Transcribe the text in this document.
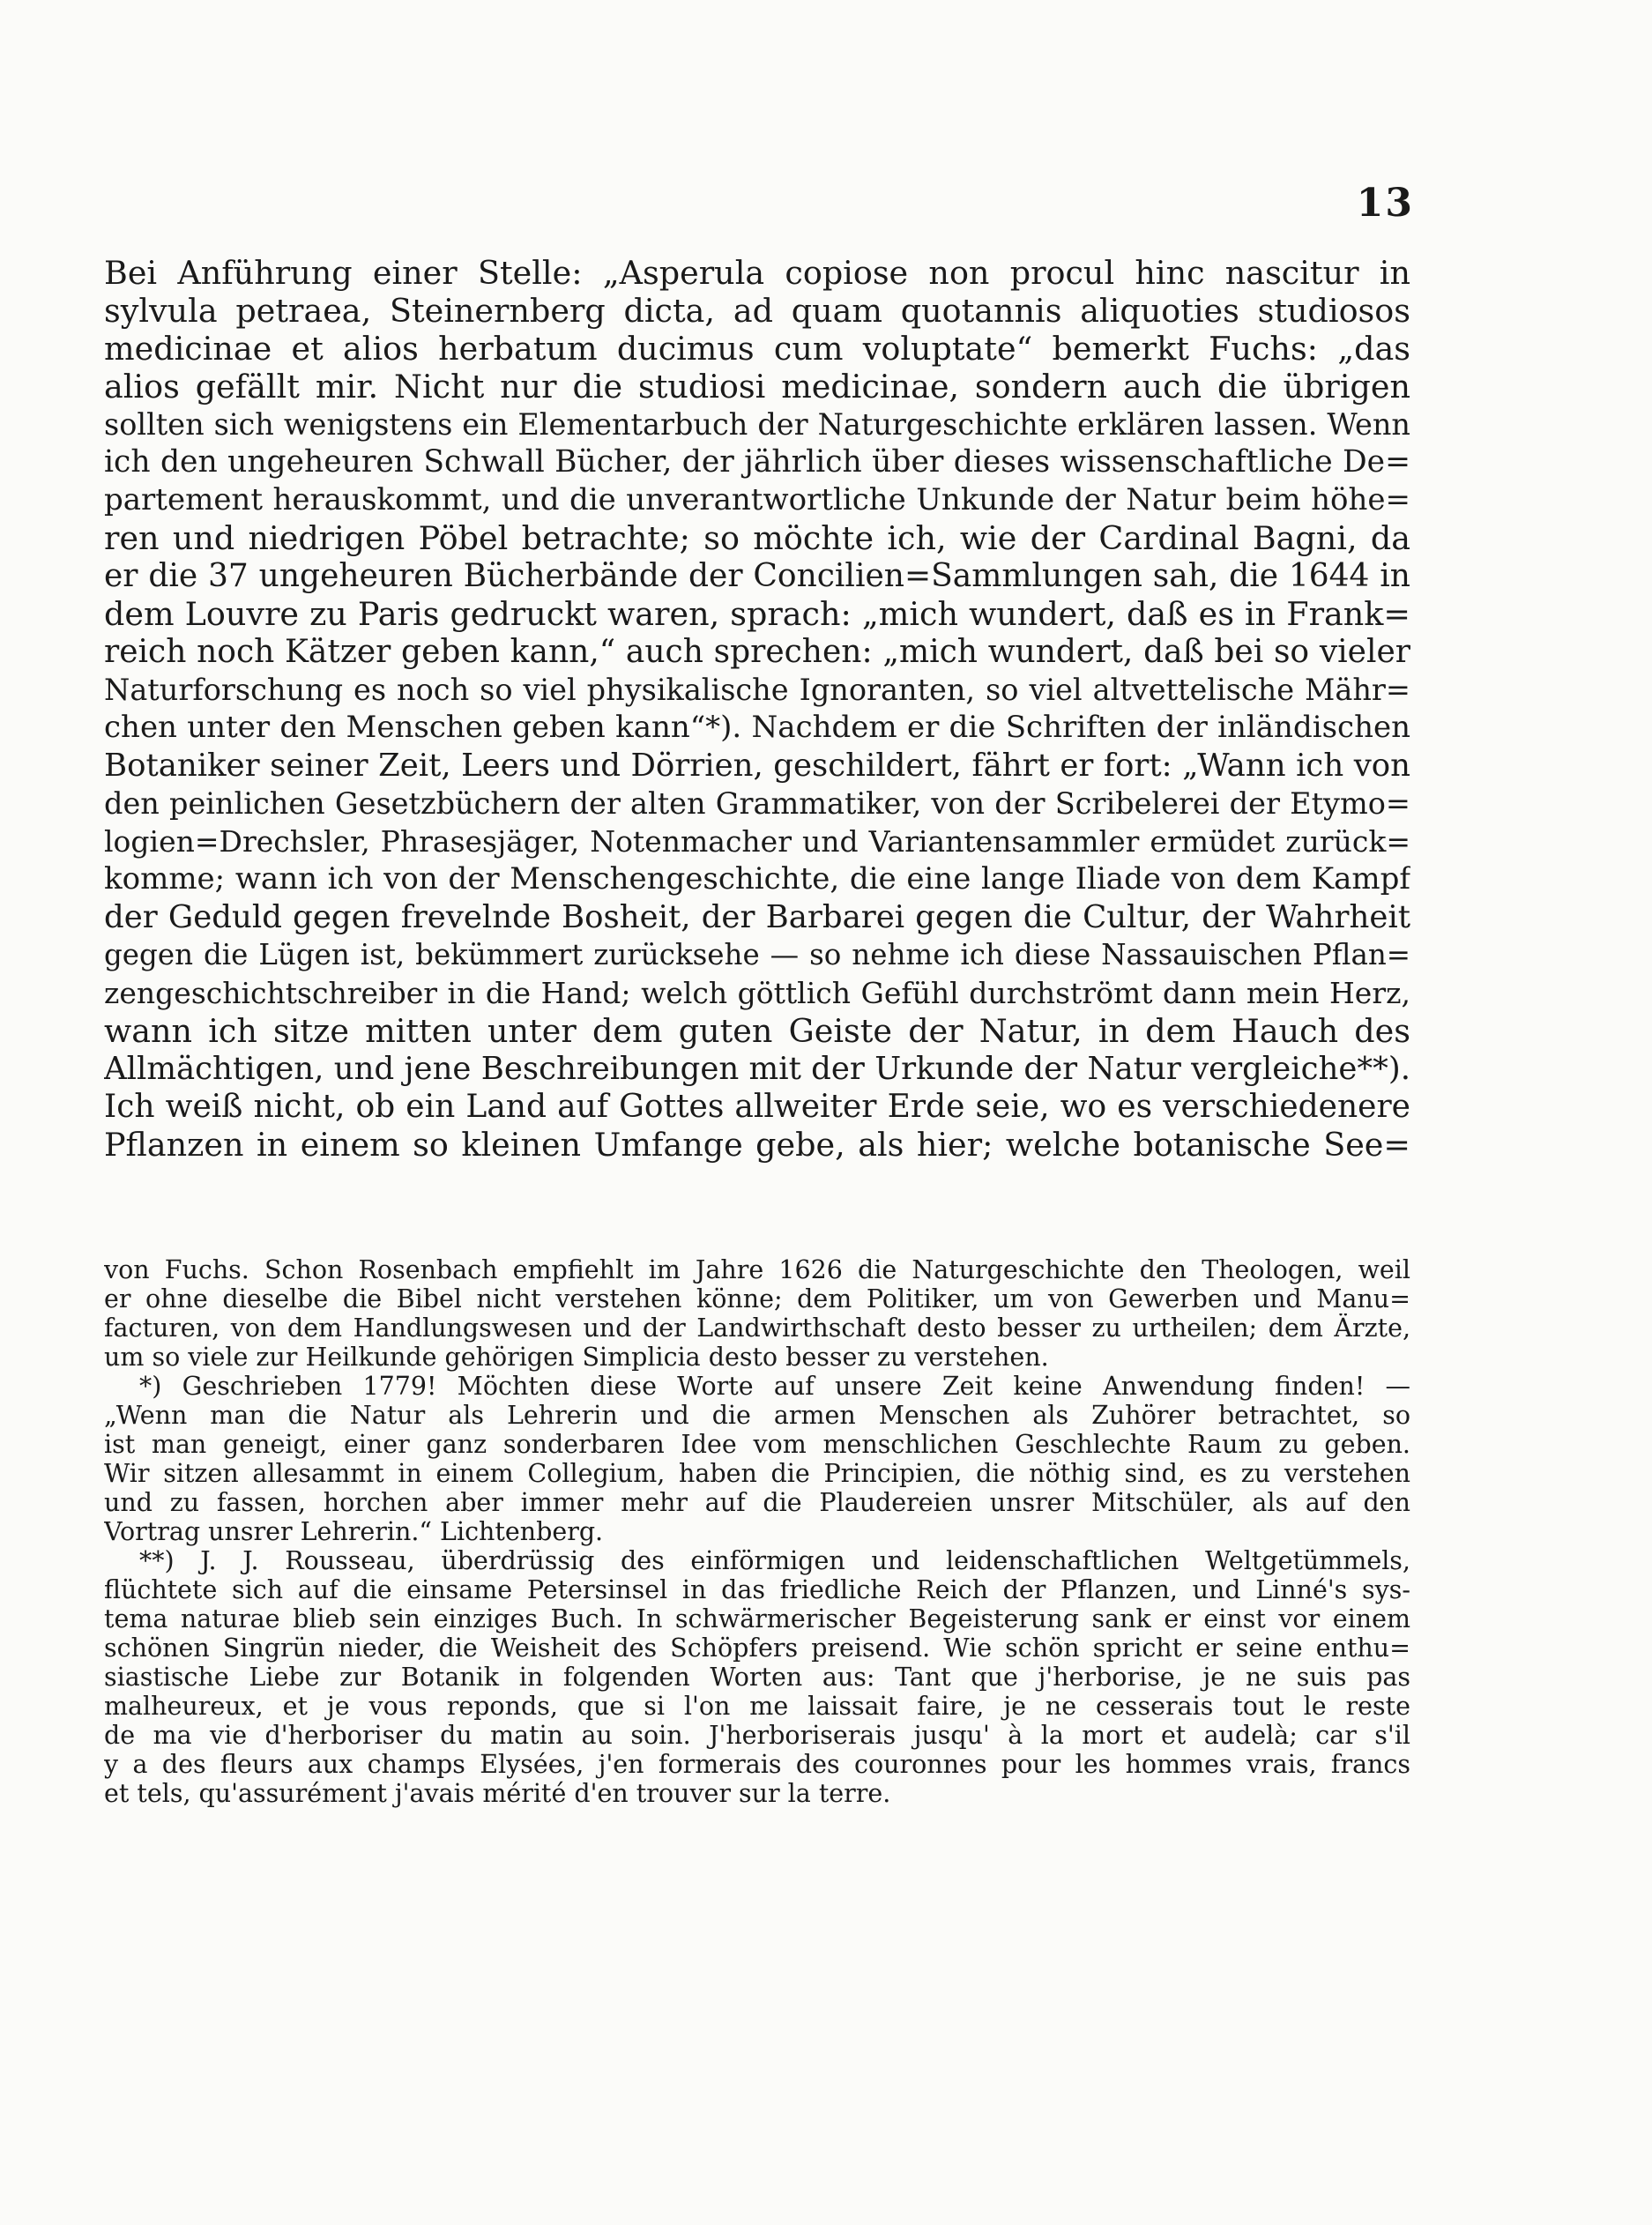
13
Bei Anführung einer Stelle: „Asperula copiose non procul hinc nascitur in
sylvula petraea, Steinernberg dicta, ad quam quotannis aliquoties studiosos
medicinae et alios herbatum ducimus cum voluptate“ bemerkt Fuchs: „das
alios gefällt mir. Nicht nur die studiosi medicinae, sondern auch die übrigen
sollten sich wenigstens ein Elementarbuch der Naturgeschichte erklären lassen. Wenn
ich den ungeheuren Schwall Bücher, der jährlich über dieses wissenschaftliche De=
partement herauskommt, und die unverantwortliche Unkunde der Natur beim höhe=
ren und niedrigen Pöbel betrachte; so möchte ich, wie der Cardinal Bagni, da
er die 37 ungeheuren Bücherbände der Concilien=Sammlungen sah, die 1644 in
dem Louvre zu Paris gedruckt waren, sprach: „mich wundert, daß es in Frank=
reich noch Kätzer geben kann,“ auch sprechen: „mich wundert, daß bei so vieler
Naturforschung es noch so viel physikalische Ignoranten, so viel altvettelische Mähr=
chen unter den Menschen geben kann“*). Nachdem er die Schriften der inländischen
Botaniker seiner Zeit, Leers und Dörrien, geschildert, fährt er fort: „Wann ich von
den peinlichen Gesetzbüchern der alten Grammatiker, von der Scribelerei der Etymo=
logien=Drechsler, Phrasesjäger, Notenmacher und Variantensammler ermüdet zurück=
komme; wann ich von der Menschengeschichte, die eine lange Iliade von dem Kampf
der Geduld gegen frevelnde Bosheit, der Barbarei gegen die Cultur, der Wahrheit
gegen die Lügen ist, bekümmert zurücksehe — so nehme ich diese Nassauischen Pflan=
zengeschichtschreiber in die Hand; welch göttlich Gefühl durchströmt dann mein Herz,
wann ich sitze mitten unter dem guten Geiste der Natur, in dem Hauch des
Allmächtigen, und jene Beschreibungen mit der Urkunde der Natur vergleiche**).
Ich weiß nicht, ob ein Land auf Gottes allweiter Erde seie, wo es verschiedenere
Pflanzen in einem so kleinen Umfange gebe, als hier; welche botanische See=
von Fuchs. Schon Rosenbach empfiehlt im Jahre 1626 die Naturgeschichte den Theologen, weil
er ohne dieselbe die Bibel nicht verstehen könne; dem Politiker, um von Gewerben und Manu=
facturen, von dem Handlungswesen und der Landwirthschaft desto besser zu urtheilen; dem Ärzte,
um so viele zur Heilkunde gehörigen Simplicia desto besser zu verstehen.
*) Geschrieben 1779! Möchten diese Worte auf unsere Zeit keine Anwendung finden! —
„Wenn man die Natur als Lehrerin und die armen Menschen als Zuhörer betrachtet, so
ist man geneigt, einer ganz sonderbaren Idee vom menschlichen Geschlechte Raum zu geben.
Wir sitzen allesammt in einem Collegium, haben die Principien, die nöthig sind, es zu verstehen
und zu fassen, horchen aber immer mehr auf die Plaudereien unsrer Mitschüler, als auf den
Vortrag unsrer Lehrerin.“ Lichtenberg.
**) J. J. Rousseau, überdrüssig des einförmigen und leidenschaftlichen Weltgetümmels,
flüchtete sich auf die einsame Petersinsel in das friedliche Reich der Pflanzen, und Linné's sys-
tema naturae blieb sein einziges Buch. In schwärmerischer Begeisterung sank er einst vor einem
schönen Singrün nieder, die Weisheit des Schöpfers preisend. Wie schön spricht er seine enthu=
siastische Liebe zur Botanik in folgenden Worten aus: Tant que j'herborise, je ne suis pas
malheureux, et je vous reponds, que si l'on me laissait faire, je ne cesserais tout le reste
de ma vie d'herboriser du matin au soin. J'herboriserais jusqu' à la mort et audelà; car s'il
y a des fleurs aux champs Elysées, j'en formerais des couronnes pour les hommes vrais, francs
et tels, qu'assurément j'avais mérité d'en trouver sur la terre.
